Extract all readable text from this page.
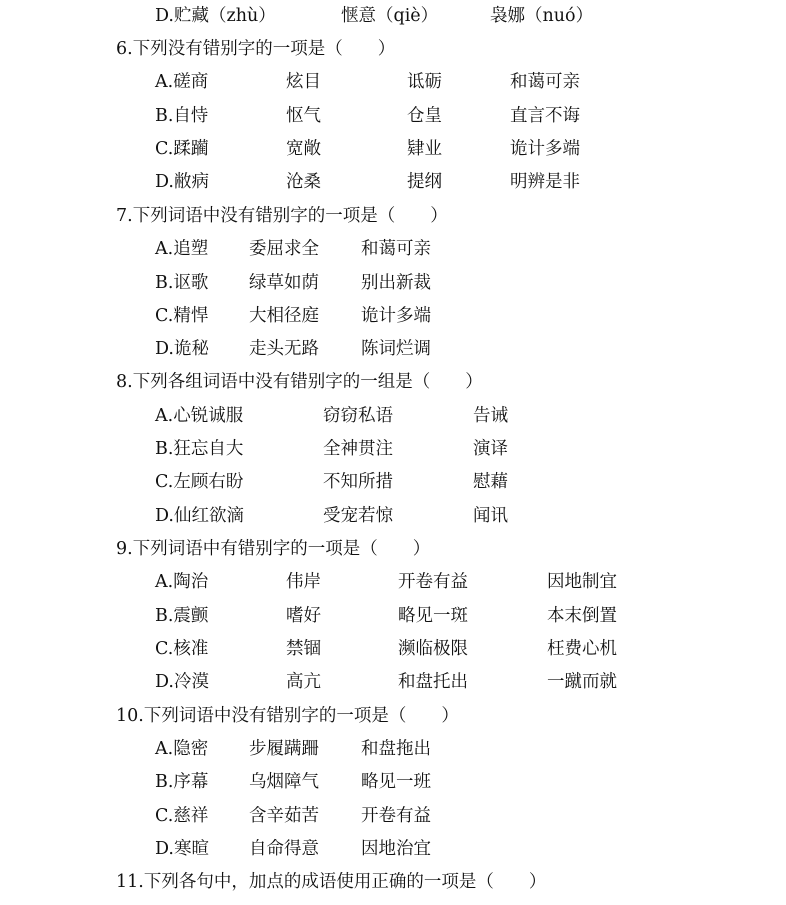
D.贮藏（zhù）	惬意（qiè）	袅娜（nuó）
6.下列没有错别字的一项是（　　）
A.磋商	炫目	诋砺	和蔼可亲
B.自恃	怄气	仓皇	直言不诲
C.蹂躏	宽敞	肄业	诡计多端
D.敝病	沧桑	提纲	明辨是非
7.下列词语中没有错别字的一项是（　　）
A.追塑 委屈求全 和蔼可亲
B.讴歌 绿草如荫 别出新裁
C.精悍 大相径庭 诡计多端
D.诡秘 走头无路 陈词烂调
8.下列各组词语中没有错别字的一组是（　　）
A.心锐诚服	窃窃私语	告诫
B.狂忘自大	全神贯注	演译
C.左顾右盼	不知所措	慰藉
D.仙红欲滴	受宠若惊	闻讯
9.下列词语中有错别字的一项是（　　）
A.陶治	伟岸	开卷有益	因地制宜
B.震颤	嗜好	略见一斑	本末倒置
C.核准	禁锢	濒临极限	枉费心机
D.冷漠	高亢	和盘托出	一蹴而就
10.下列词语中没有错别字的一项是（　　）
A.隐密 步履蹒跚 和盘拖出
B.序幕 乌烟障气 略见一班
C.慈祥 含辛茹苦 开卷有益
D.寒暄 自命得意 因地治宜
11.下列各句中，加点的成语使用正确的一项是（　　）
